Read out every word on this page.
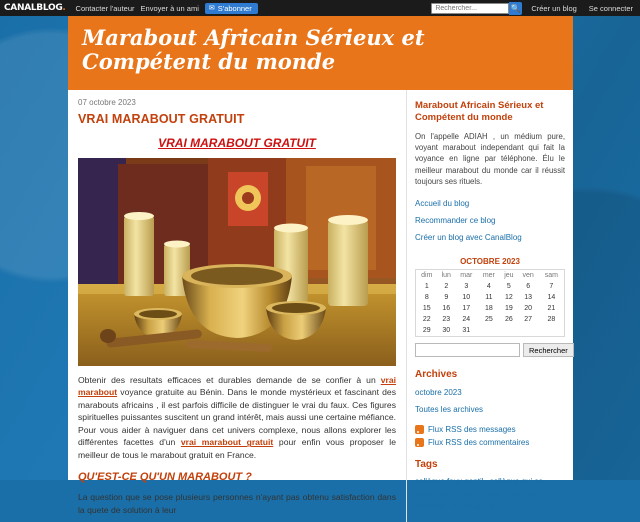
CANALBLOG.	Contacter l'auteur Envoyer à un ami ✉ S'abonner
Rechercher...	🔍	Créer un blog	Se connecter
Marabout Africain Sérieux et Compétent du monde
07 octobre 2023
VRAI MARABOUT GRATUIT
VRAI MARABOUT GRATUIT

Obtenir des resultats efficaces et durables demande de se confier à un vrai marabout voyance gratuite au Bénin. Dans le monde mystérieux et fascinant des marabouts africains , il est parfois difficile de distinguer le vrai du faux. Ces figures spirituelles puissantes suscitent un grand intérêt, mais aussi une certaine méfiance. Pour vous aider à naviguer dans cet univers complexe, nous allons explorer les différentes facettes d'un vrai marabout gratuit pour enfin vous proposer le meilleur de tous le marabout gratuit en France.

QU'EST-CE QU'UN MARABOUT ?

La question que se pose plusieurs personnes n'ayant pas obtenu satisfaction dans la quete de solution à leur

Marabout Africain Sérieux et Compétent du monde

On l'appelle ADIAH , un médium pure, voyant marabout independant qui fait la voyance en ligne par téléphone. Élu le meilleur marabout du monde car il réussit toujours ses rituels.

Accueil du blog
Recommander ce blog
Créer un blog avec CanalBlog
OCTOBRE 2023
dim	lun	mar	mer	jeu	ven	sam
1	2	3	4	5	6	7
8	9	10	11	12	13	14
15	16	17	18	19	20	21
22	23	24	25	26	27	28
29	30	31				
Rechercher
Archives
octobre 2023
Toutes les archives
Flux RSS des messages
Flux RSS des commentaires
Tags
collègue faux gentil collègue qui se prend pour chef collègue qui veut tout contrôler combien de
